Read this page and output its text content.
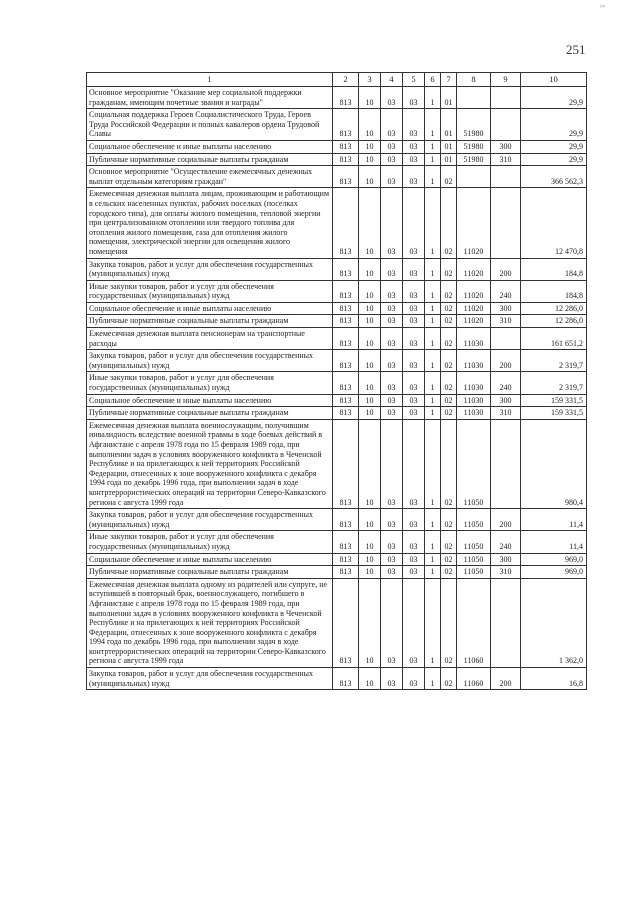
ᵒᵛ
251
1	2	3	4	5	6	7	8	9	10
Основное мероприятие "Оказание мер социальной поддержки гражданам, имеющим почетные звания и награды"	813	10	03	03	1	01			29,9
Социальная поддержка Героев Социалистического Труда, Героев Труда Российской Федерации и полных кавалеров ордена Трудовой Славы	813	10	03	03	1	01	51980		29,9
Социальное обеспечение и иные выплаты населению	813	10	03	03	1	01	51980	300	29,9
Публичные нормативные социальные выплаты гражданам	813	10	03	03	1	01	51980	310	29,9
Основное мероприятие "Осуществление ежемесячных денежных выплат отдельным категориям граждан"	813	10	03	03	1	02			366 562,3
Ежемесячная денежная выплата лицам, проживающим и работающим в сельских населенных пунктах, рабочих поселках (поселках городского типа), для оплаты жилого помещения, тепловой энергии при централизованном отоплении или твердого топлива для отопления жилого помещения, газа для отопления жилого помещения, электрической энергии для освещения жилого помещения	813	10	03	03	1	02	11020		12 470,8
Закупка товаров, работ и услуг для обеспечения государственных (муниципальных) нужд	813	10	03	03	1	02	11020	200	184,8
Иные закупки товаров, работ и услуг для обеспечения государственных (муниципальных) нужд	813	10	03	03	1	02	11020	240	184,8
Социальное обеспечение и иные выплаты населению	813	10	03	03	1	02	11020	300	12 286,0
Публичные нормативные социальные выплаты гражданам	813	10	03	03	1	02	11020	310	12 286,0
Ежемесячная денежная выплата пенсионерам на транспортные расходы	813	10	03	03	1	02	11030		161 651,2
Закупка товаров, работ и услуг для обеспечения государственных (муниципальных) нужд	813	10	03	03	1	02	11030	200	2 319,7
Иные закупки товаров, работ и услуг для обеспечения государственных (муниципальных) нужд	813	10	03	03	1	02	11030	240	2 319,7
Социальное обеспечение и иные выплаты населению	813	10	03	03	1	02	11030	300	159 331,5
Публичные нормативные социальные выплаты гражданам	813	10	03	03	1	02	11030	310	159 331,5
Ежемесячная денежная выплата военнослужащим, получившим инвалидность вследствие военной травмы в ходе боевых действий в Афганистане с апреля 1978 года по 15 февраля 1989 года, при выполнении задач в условиях вооруженного конфликта в Чеченской Республике и на прилегающих к ней территориях Российской Федерации, отнесенных к зоне вооруженного конфликта с декабря 1994 года по декабрь 1996 года, при выполнении задач в ходе контртеррористических операций на территории Северо-Кавказского региона с августа 1999 года	813	10	03	03	1	02	11050		980,4
Закупка товаров, работ и услуг для обеспечения государственных (муниципальных) нужд	813	10	03	03	1	02	11050	200	11,4
Иные закупки товаров, работ и услуг для обеспечения государственных (муниципальных) нужд	813	10	03	03	1	02	11050	240	11,4
Социальное обеспечение и иные выплаты населению	813	10	03	03	1	02	11050	300	969,0
Публичные нормативные социальные выплаты гражданам	813	10	03	03	1	02	11050	310	969,0
Ежемесячная денежная выплата одному из родителей или супруге, не вступившей в повторный брак, военнослужащего, погибшего в Афганистане с апреля 1978 года по 15 февраля 1989 года, при выполнении задач в условиях вооруженного конфликта в Чеченской Республике и на прилегающих к ней территориях Российской Федерации, отнесенных к зоне вооруженного конфликта с декабря 1994 года по декабрь 1996 года, при выполнении задач в ходе контртеррористических операций на территории Северо-Кавказского региона с августа 1999 года	813	10	03	03	1	02	11060		1 362,0
Закупка товаров, работ и услуг для обеспечения государственных (муниципальных) нужд	813	10	03	03	1	02	11060	200	16,8
